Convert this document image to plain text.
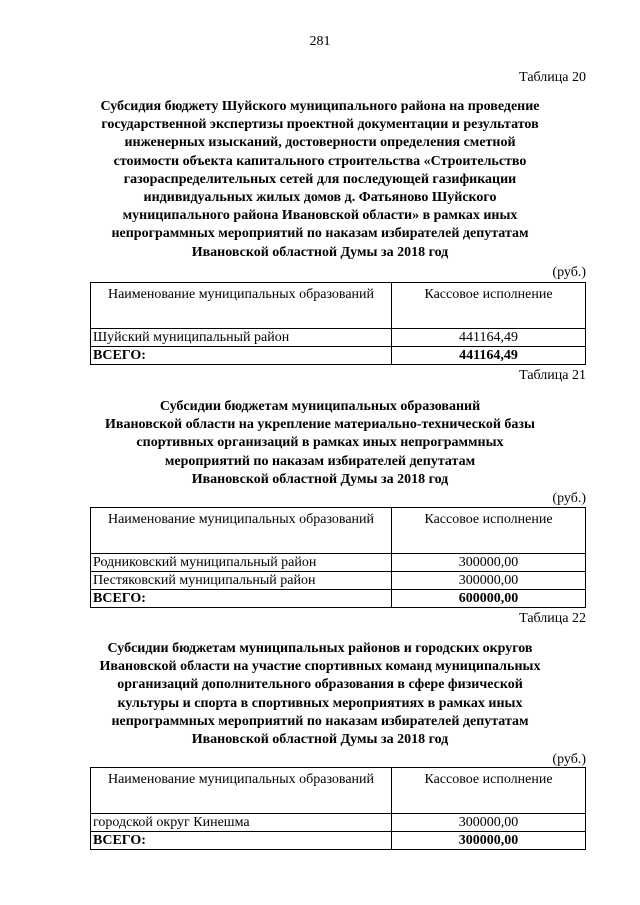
281
Таблица 20
Субсидия бюджету Шуйского муниципального района на проведение
государственной экспертизы проектной документации и результатов
инженерных изысканий, достоверности определения сметной
стоимости объекта капитального строительства «Строительство
газораспределительных сетей для последующей газификации
индивидуальных жилых домов д. Фатьяново Шуйского
муниципального района Ивановской области» в рамках иных
непрограммных мероприятий по наказам избирателей депутатам
Ивановской областной Думы за 2018 год
(руб.)
Наименование муниципальных образований	Кассовое исполнение
Шуйский муниципальный район	441164,49
ВСЕГО:	441164,49
Таблица 21
Субсидии бюджетам муниципальных образований
Ивановской области на укрепление материально-технической базы
спортивных организаций в рамках иных непрограммных
мероприятий по наказам избирателей депутатам
Ивановской областной Думы за 2018 год
(руб.)
Наименование муниципальных образований	Кассовое исполнение
Родниковский муниципальный район	300000,00
Пестяковский муниципальный район	300000,00
ВСЕГО:	600000,00
Таблица 22
Субсидии бюджетам муниципальных районов и городских округов
Ивановской области на участие спортивных команд муниципальных
организаций дополнительного образования в сфере физической
культуры и спорта в спортивных мероприятиях в рамках иных
непрограммных мероприятий по наказам избирателей депутатам
Ивановской областной Думы за 2018 год
(руб.)
Наименование муниципальных образований	Кассовое исполнение
городской округ Кинешма	300000,00
ВСЕГО:	300000,00
